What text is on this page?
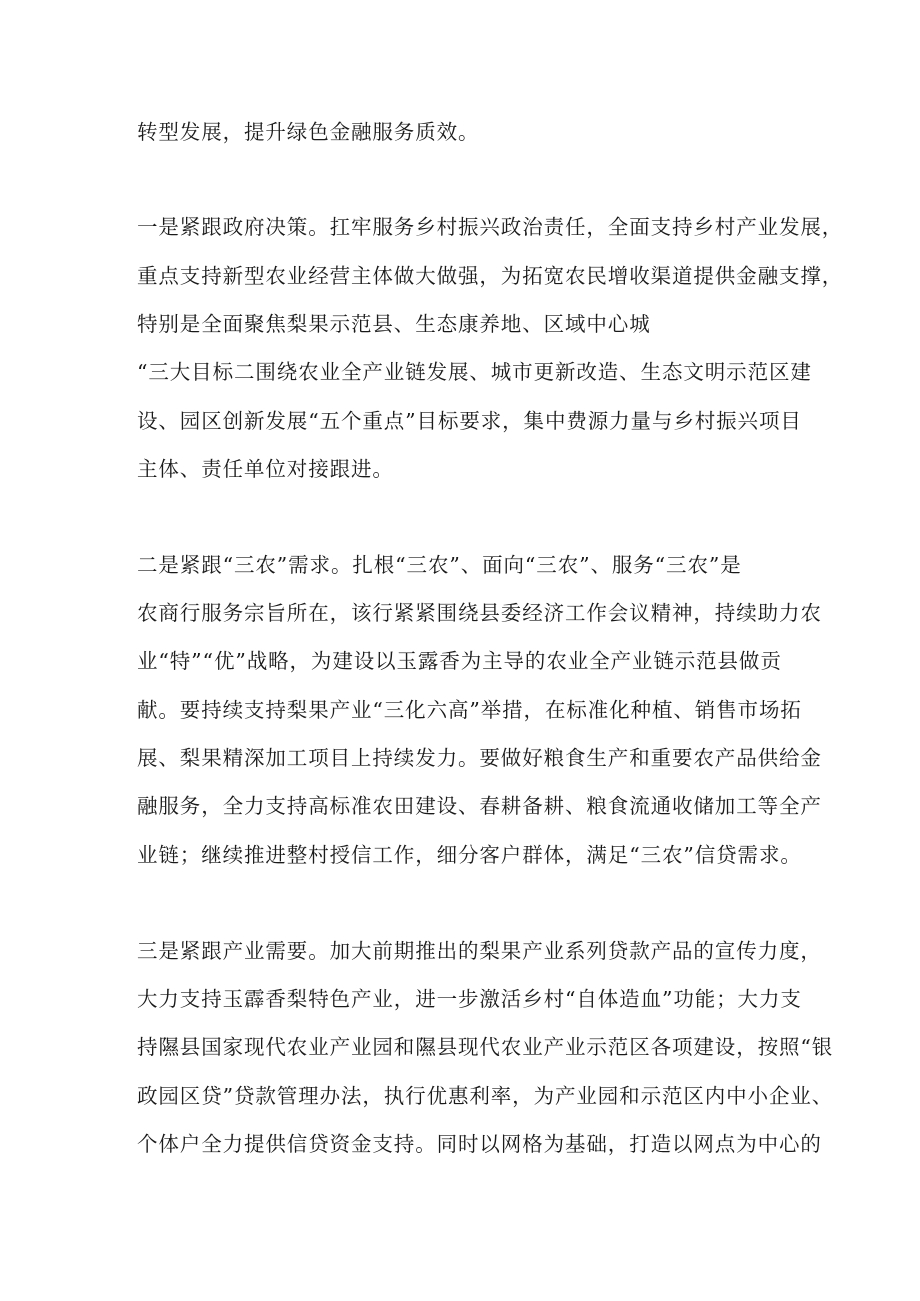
转型发展，提升绿色金融服务质效。
一是紧跟政府决策。扛牢服务乡村振兴政治责任，全面支持乡村产业发展，
重点支持新型农业经营主体做大做强，为拓宽农民增收渠道提供金融支撑，
特别是全面聚焦梨果示范县、生态康养地、区域中心城
“三大目标二围绕农业全产业链发展、城市更新改造、生态文明示范区建
设、园区创新发展“五个重点”目标要求，集中费源力量与乡村振兴项目
主体、责任单位对接跟进。
二是紧跟“三农”需求。扎根“三农”、面向“三农”、服务“三农”是
农商行服务宗旨所在，该行紧紧围绕县委经济工作会议精神，持续助力农
业“特”“优”战略，为建设以玉露香为主导的农业全产业链示范县做贡
献。要持续支持梨果产业“三化六高”举措，在标准化种植、销售市场拓
展、梨果精深加工项目上持续发力。要做好粮食生产和重要农产品供给金
融服务，全力支持高标准农田建设、春耕备耕、粮食流通收储加工等全产
业链；继续推进整村授信工作，细分客户群体，满足“三农”信贷需求。
三是紧跟产业需要。加大前期推出的梨果产业系列贷款产品的宣传力度，
大力支持玉霹香梨特色产业，进一步激活乡村“自体造血”功能；大力支
持隰县国家现代农业产业园和隰县现代农业产业示范区各项建设，按照“银
政园区贷”贷款管理办法，执行优惠利率，为产业园和示范区内中小企业、
个体户全力提供信贷资金支持。同时以网格为基础，打造以网点为中心的
